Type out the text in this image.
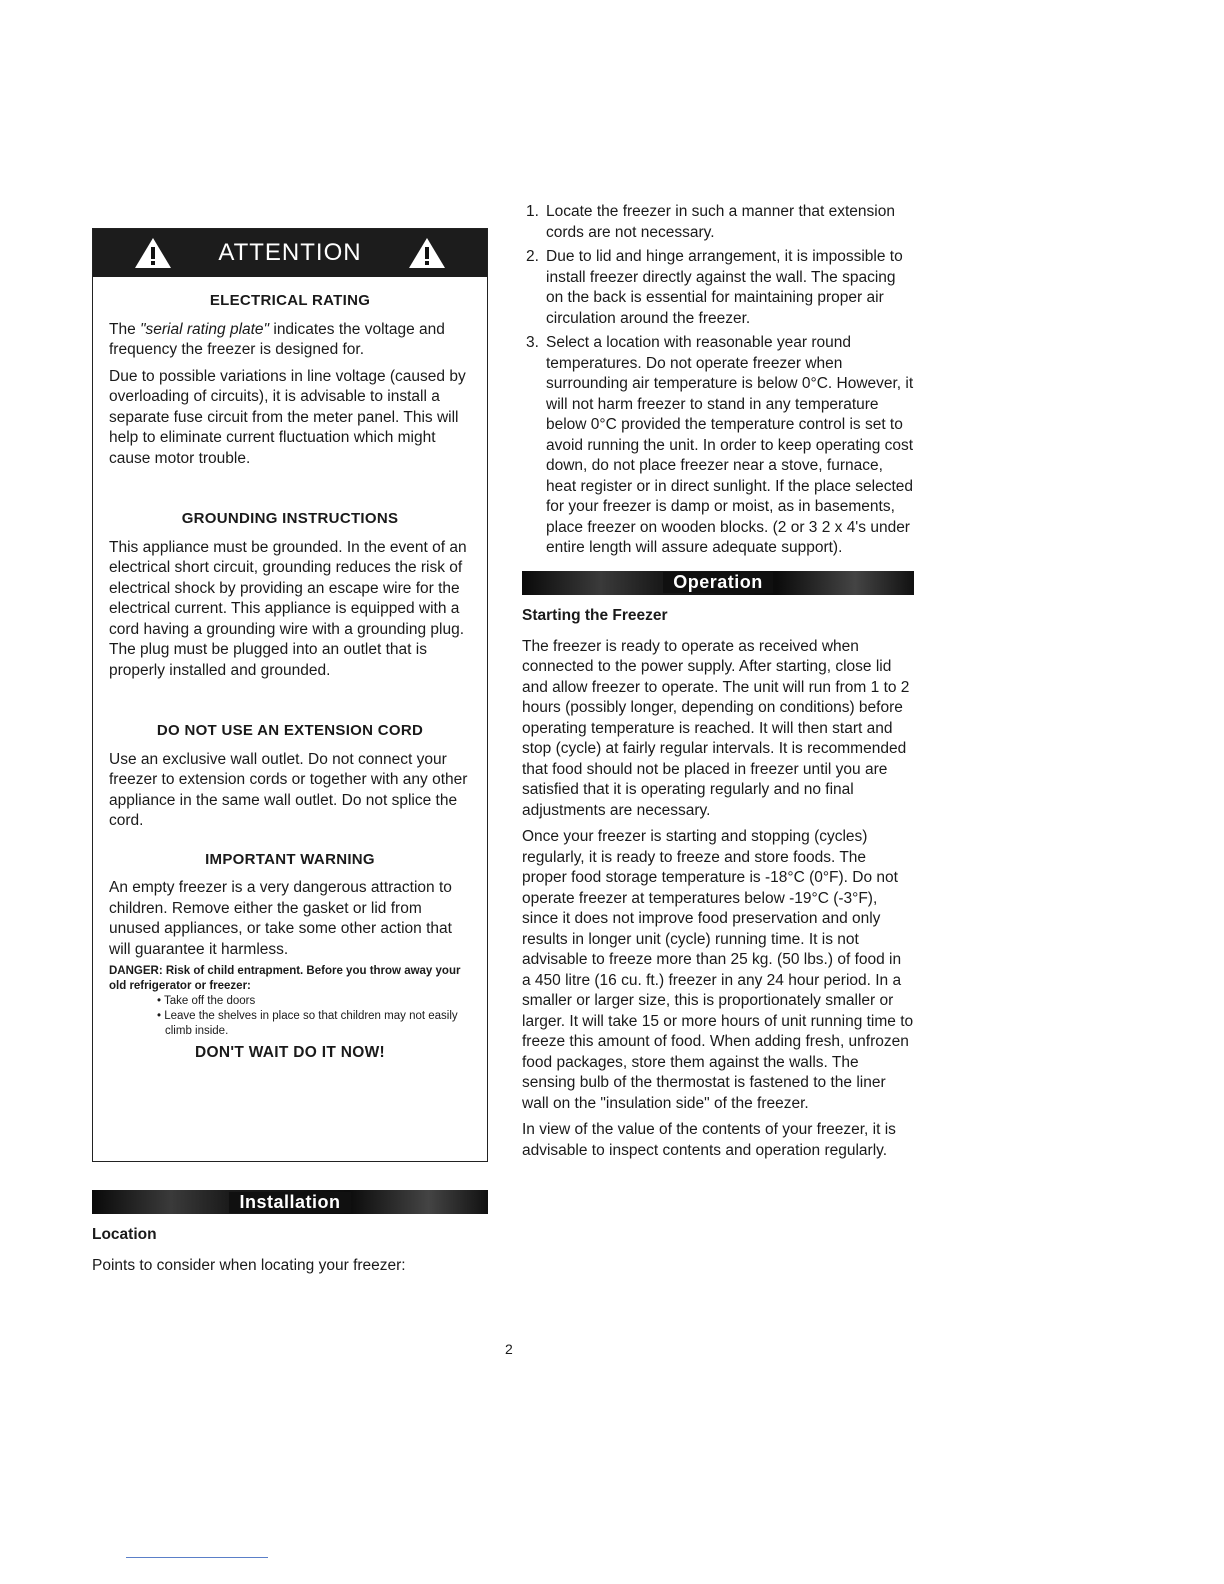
ATTENTION
ELECTRICAL RATING

The "serial rating plate" indicates the voltage and frequency the freezer is designed for.

Due to possible variations in line voltage (caused by overloading of circuits), it is advisable to install a separate fuse circuit from the meter panel. This will help to eliminate current fluctuation which might cause motor trouble.

GROUNDING INSTRUCTIONS

This appliance must be grounded. In the event of an electrical short circuit, grounding reduces the risk of electrical shock by providing an escape wire for the electrical current. This appliance is equipped with a cord having a grounding wire with a grounding plug. The plug must be plugged into an outlet that is properly installed and grounded.

DO NOT USE AN EXTENSION CORD

Use an exclusive wall outlet. Do not connect your freezer to extension cords or together with any other appliance in the same wall outlet. Do not splice the cord.

IMPORTANT WARNING

An empty freezer is a very dangerous attraction to children. Remove either the gasket or lid from unused appliances, or take some other action that will guarantee it harmless.

DANGER: Risk of child entrapment. Before you throw away your old refrigerator or freezer:
• Take off the doors
• Leave the shelves in place so that children may not easily climb inside.
DON'T WAIT DO IT NOW!
Installation
Location
Points to consider when locating your freezer:
1. Locate the freezer in such a manner that extension cords are not necessary.
2. Due to lid and hinge arrangement, it is impossible to install freezer directly against the wall. The spacing on the back is essential for maintaining proper air circulation around the freezer.
3. Select a location with reasonable year round temperatures. Do not operate freezer when surrounding air temperature is below 0°C. However, it will not harm freezer to stand in any temperature below 0°C provided the temperature control is set to avoid running the unit. In order to keep operating cost down, do not place freezer near a stove, furnace, heat register or in direct sunlight. If the place selected for your freezer is damp or moist, as in basements, place freezer on wooden blocks. (2 or 3 2 x 4's under entire length will assure adequate support).
Operation
Starting the Freezer

The freezer is ready to operate as received when connected to the power supply. After starting, close lid and allow freezer to operate. The unit will run from 1 to 2 hours (possibly longer, depending on conditions) before operating temperature is reached. It will then start and stop (cycle) at fairly regular intervals. It is recommended that food should not be placed in freezer until you are satisfied that it is operating regularly and no final adjustments are necessary.

Once your freezer is starting and stopping (cycles) regularly, it is ready to freeze and store foods. The proper food storage temperature is -18°C (0°F). Do not operate freezer at temperatures below -19°C (-3°F), since it does not improve food preservation and only results in longer unit (cycle) running time. It is not advisable to freeze more than 25 kg. (50 lbs.) of food in a 450 litre (16 cu. ft.) freezer in any 24 hour period. In a smaller or larger size, this is proportionately smaller or larger. It will take 15 or more hours of unit running time to freeze this amount of food. When adding fresh, unfrozen food packages, store them against the walls. The sensing bulb of the thermostat is fastened to the liner wall on the "insulation side" of the freezer.

In view of the value of the contents of your freezer, it is advisable to inspect contents and operation regularly.

2
